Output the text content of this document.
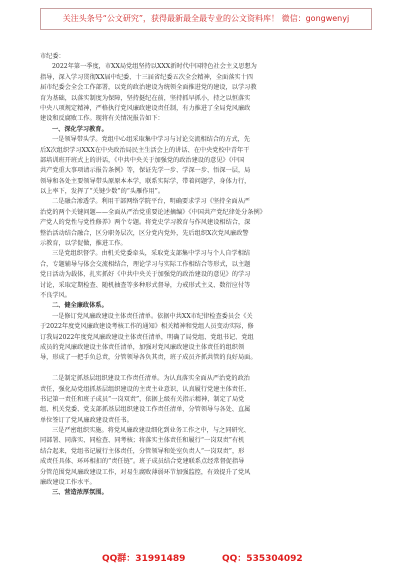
关注头条号“公文研究”，获得最新最全最专业的公文资料库！ 微信：gongwenyj
市纪委：
2022年第一季度，市XX局党组坚持以XXX新时代中国特色社会主义思想为
指导，深入学习贯彻XX届中纪委、十三届省纪委五次全会精神，全面落实十四
届市纪委会全会工作部署，以党的政治建设为统领全面推进党的建设，以学习教
育为基础，以落实制度为保障，坚持挺纪在前，坚持抓早抓小，持之以恒落实
中央八项规定精神，严格执行党风廉政建设责任制，有力推进了全局党风廉政
建设和反腐败工作。现将有关情况报告如下：
一、深化学习教育。
一是领导带头学。党组中心组采取集中学习与讨论交流相结合的方式，先
后X次组织学习XXX在中央政治局民主生活会上的讲话、在中央党校中青年干
部培训班开班式上的讲话，《中共中央关于加强党的政治建设的意见》《中国
共产党重大事项请示报告条例》等，保证先学一步、学深一步、悟深一层，局
领导和各处主要领导带头原原本本学，联系实际学，带着问题学，身体力行，
以上率下，发挥了“关键少数”的“头雁作用”。
二是融合渗透学。利用干部网络学院平台，明确要求学习《坚持全面从严
治党的两个关键问题——全面从严治党重要论述摘编》《中国共产党纪律处分条例》
产党人的党性与党性修养》两个专题。将党史学习教育与作风建设相结合，深
整治活动结合融合，区分职务层次，区分党内党外，先后组织X次党风廉政警
示教育，以学促做，推进工作。
三是党组织督学。由机关党委牵头，采取党支部集中学习与个人自学相结
合，专题辅导与体会交流相结合，理论学习与实际工作相结合等形式，以主题
党日活动为载体，扎实抓好《中共中央关于加强党的政治建设的意见》的学习
讨论，采取定期检查、随机抽查等多种形式督导，力戒形式主义、数衍应付等
不良学风。
二、健全廉政体系。
一是修订党风廉政建设主体责任清单。依据中共XX市纪律检查委员会《关
于2022年度党风廉政建设考核工作的通知》相关精神和党组人员变动实际，修
订我局2022年度党风廉政建设主体责任清单，明确了局党组、党组书记、党组
成员的党风廉政建设主体责任清单，加强对党风廉政建设主体责任的组织领
导，形成了一把手负总责，分管领导各负其责，班子成员齐抓共管的良好局面。
二是制定抓基层组织建设工作责任清单。为认真落实全面从严治党的政治
责任，强化局党组抓基层组织建设的主责主业意识，认真履行党建主体责任、
书记第一责任和班子成员“一岗双责”，依据上级有关指示精神，制定了局党
组、机关党委、党支部抓基层组织建设工作责任清单，分管领导与各处、直属
单位签订了党风廉政建设责任书。
三是严密组织实施。将党风廉政建设细化到业务工作之中，与之同研究、
同部署、同落实、同检查、同考核；将落实主体责任和履行“一岗双责”有机
结合起来，党组书记履行主体责任，分管领导和处室负责人“一岗双责”，形
成责任具体、环环相扣的“责任链”。班子成员结合党建联系点经常督促指导
分管范围党风廉政建设工作，对易生腐败薄弱环节加强监控，有效提升了党风
廉政建设工作水平。
三、营造浓厚氛围。
QQ群：31991489	QQ：535304092
